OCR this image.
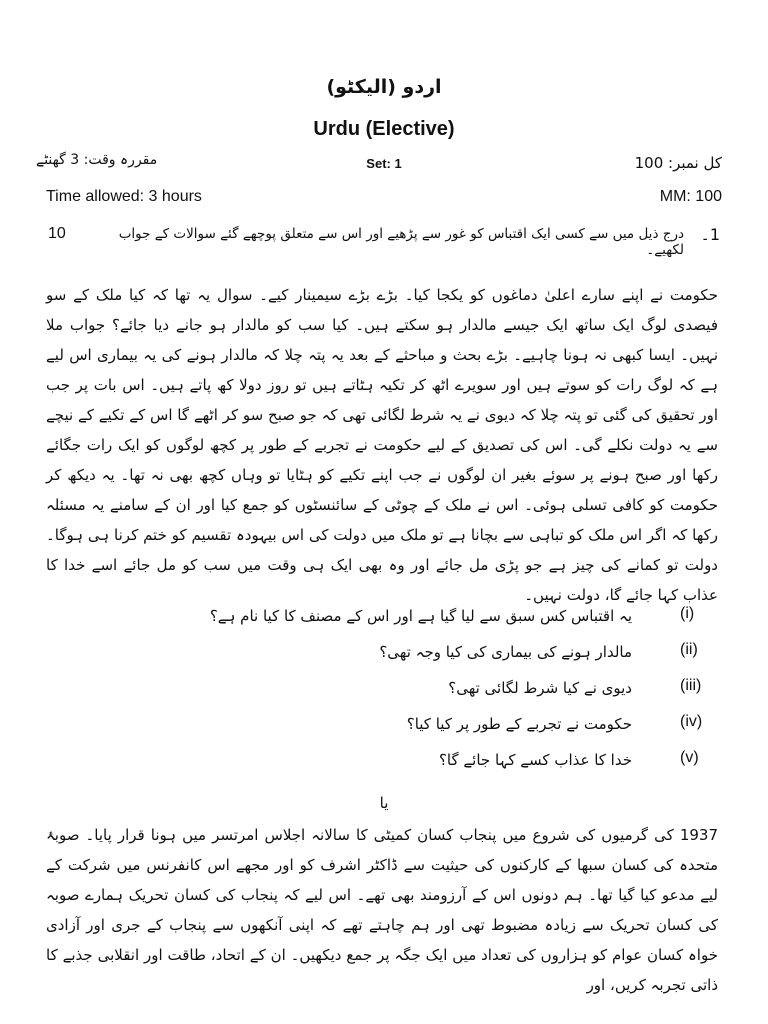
اردو (الیکٹو)
Urdu (Elective)
کل نمبر: 100
Set: 1
مقررہ وقت: 3 گھنٹے
Time allowed: 3 hours	MM: 100
1۔
درج ذیل میں سے کسی ایک اقتباس کو غور سے پڑھیے اور اس سے متعلق پوچھے گئے سوالات کے جواب لکھیے۔
10
حکومت نے اپنے سارے اعلیٰ دماغوں کو یکجا کیا۔ بڑے بڑے سیمینار کیے۔ سوال یہ تھا کہ کیا ملک کے سو فیصدی لوگ ایک ساتھ ایک جیسے مالدار ہو سکتے ہیں۔ کیا سب کو مالدار ہو جانے دیا جائے؟ جواب ملا نہیں۔ ایسا کبھی نہ ہونا چاہیے۔ بڑے بحث و مباحثے کے بعد یہ پتہ چلا کہ مالدار ہونے کی یہ بیماری اس لیے ہے کہ لوگ رات کو سوتے ہیں اور سویرے اٹھ کر تکیہ ہٹاتے ہیں تو روز دولا کھ پاتے ہیں۔ اس بات پر جب اور تحقیق کی گئی تو پتہ چلا کہ دیوی نے یہ شرط لگائی تھی کہ جو صبح سو کر اٹھے گا اس کے تکیے کے نیچے سے یہ دولت نکلے گی۔ اس کی تصدیق کے لیے حکومت نے تجربے کے طور پر کچھ لوگوں کو ایک رات جگائے رکھا اور صبح ہونے پر سوئے بغیر ان لوگوں نے جب اپنے تکیے کو ہٹایا تو وہاں کچھ بھی نہ تھا۔ یہ دیکھ کر حکومت کو کافی تسلی ہوئی۔ اس نے ملک کے چوٹی کے سائنسٹوں کو جمع کیا اور ان کے سامنے یہ مسئلہ رکھا کہ اگر اس ملک کو تباہی سے بچانا ہے تو ملک میں دولت کی اس بیہودہ تقسیم کو ختم کرنا ہی ہوگا۔ دولت تو کمانے کی چیز ہے جو پڑی مل جائے اور وہ بھی ایک ہی وقت میں سب کو مل جائے اسے خدا کا عذاب کہا جائے گا، دولت نہیں۔
(i)
یہ اقتباس کس سبق سے لیا گیا ہے اور اس کے مصنف کا کیا نام ہے؟
(ii)
مالدار ہونے کی بیماری کی کیا وجہ تھی؟
(iii)
دیوی نے کیا شرط لگائی تھی؟
(iv)
حکومت نے تجربے کے طور پر کیا کیا؟
(v)
خدا کا عذاب کسے کہا جائے گا؟
یا
1937 کی گرمیوں کی شروع میں پنجاب کسان کمیٹی کا سالانہ اجلاس امرتسر میں ہونا قرار پایا۔ صوبۂ متحدہ کی کسان سبھا کے کارکنوں کی حیثیت سے ڈاکٹر اشرف کو اور مجھے اس کانفرنس میں شرکت کے لیے مدعو کیا گیا تھا۔ ہم دونوں اس کے آرزومند بھی تھے۔ اس لیے کہ پنجاب کی کسان تحریک ہمارے صوبہ کی کسان تحریک سے زیادہ مضبوط تھی اور ہم چاہتے تھے کہ اپنی آنکھوں سے پنجاب کے جری اور آزادی خواہ کسان عوام کو ہزاروں کی تعداد میں ایک جگہ پر جمع دیکھیں۔ ان کے اتحاد، طاقت اور انقلابی جذبے کا ذاتی تجربہ کریں، اور
